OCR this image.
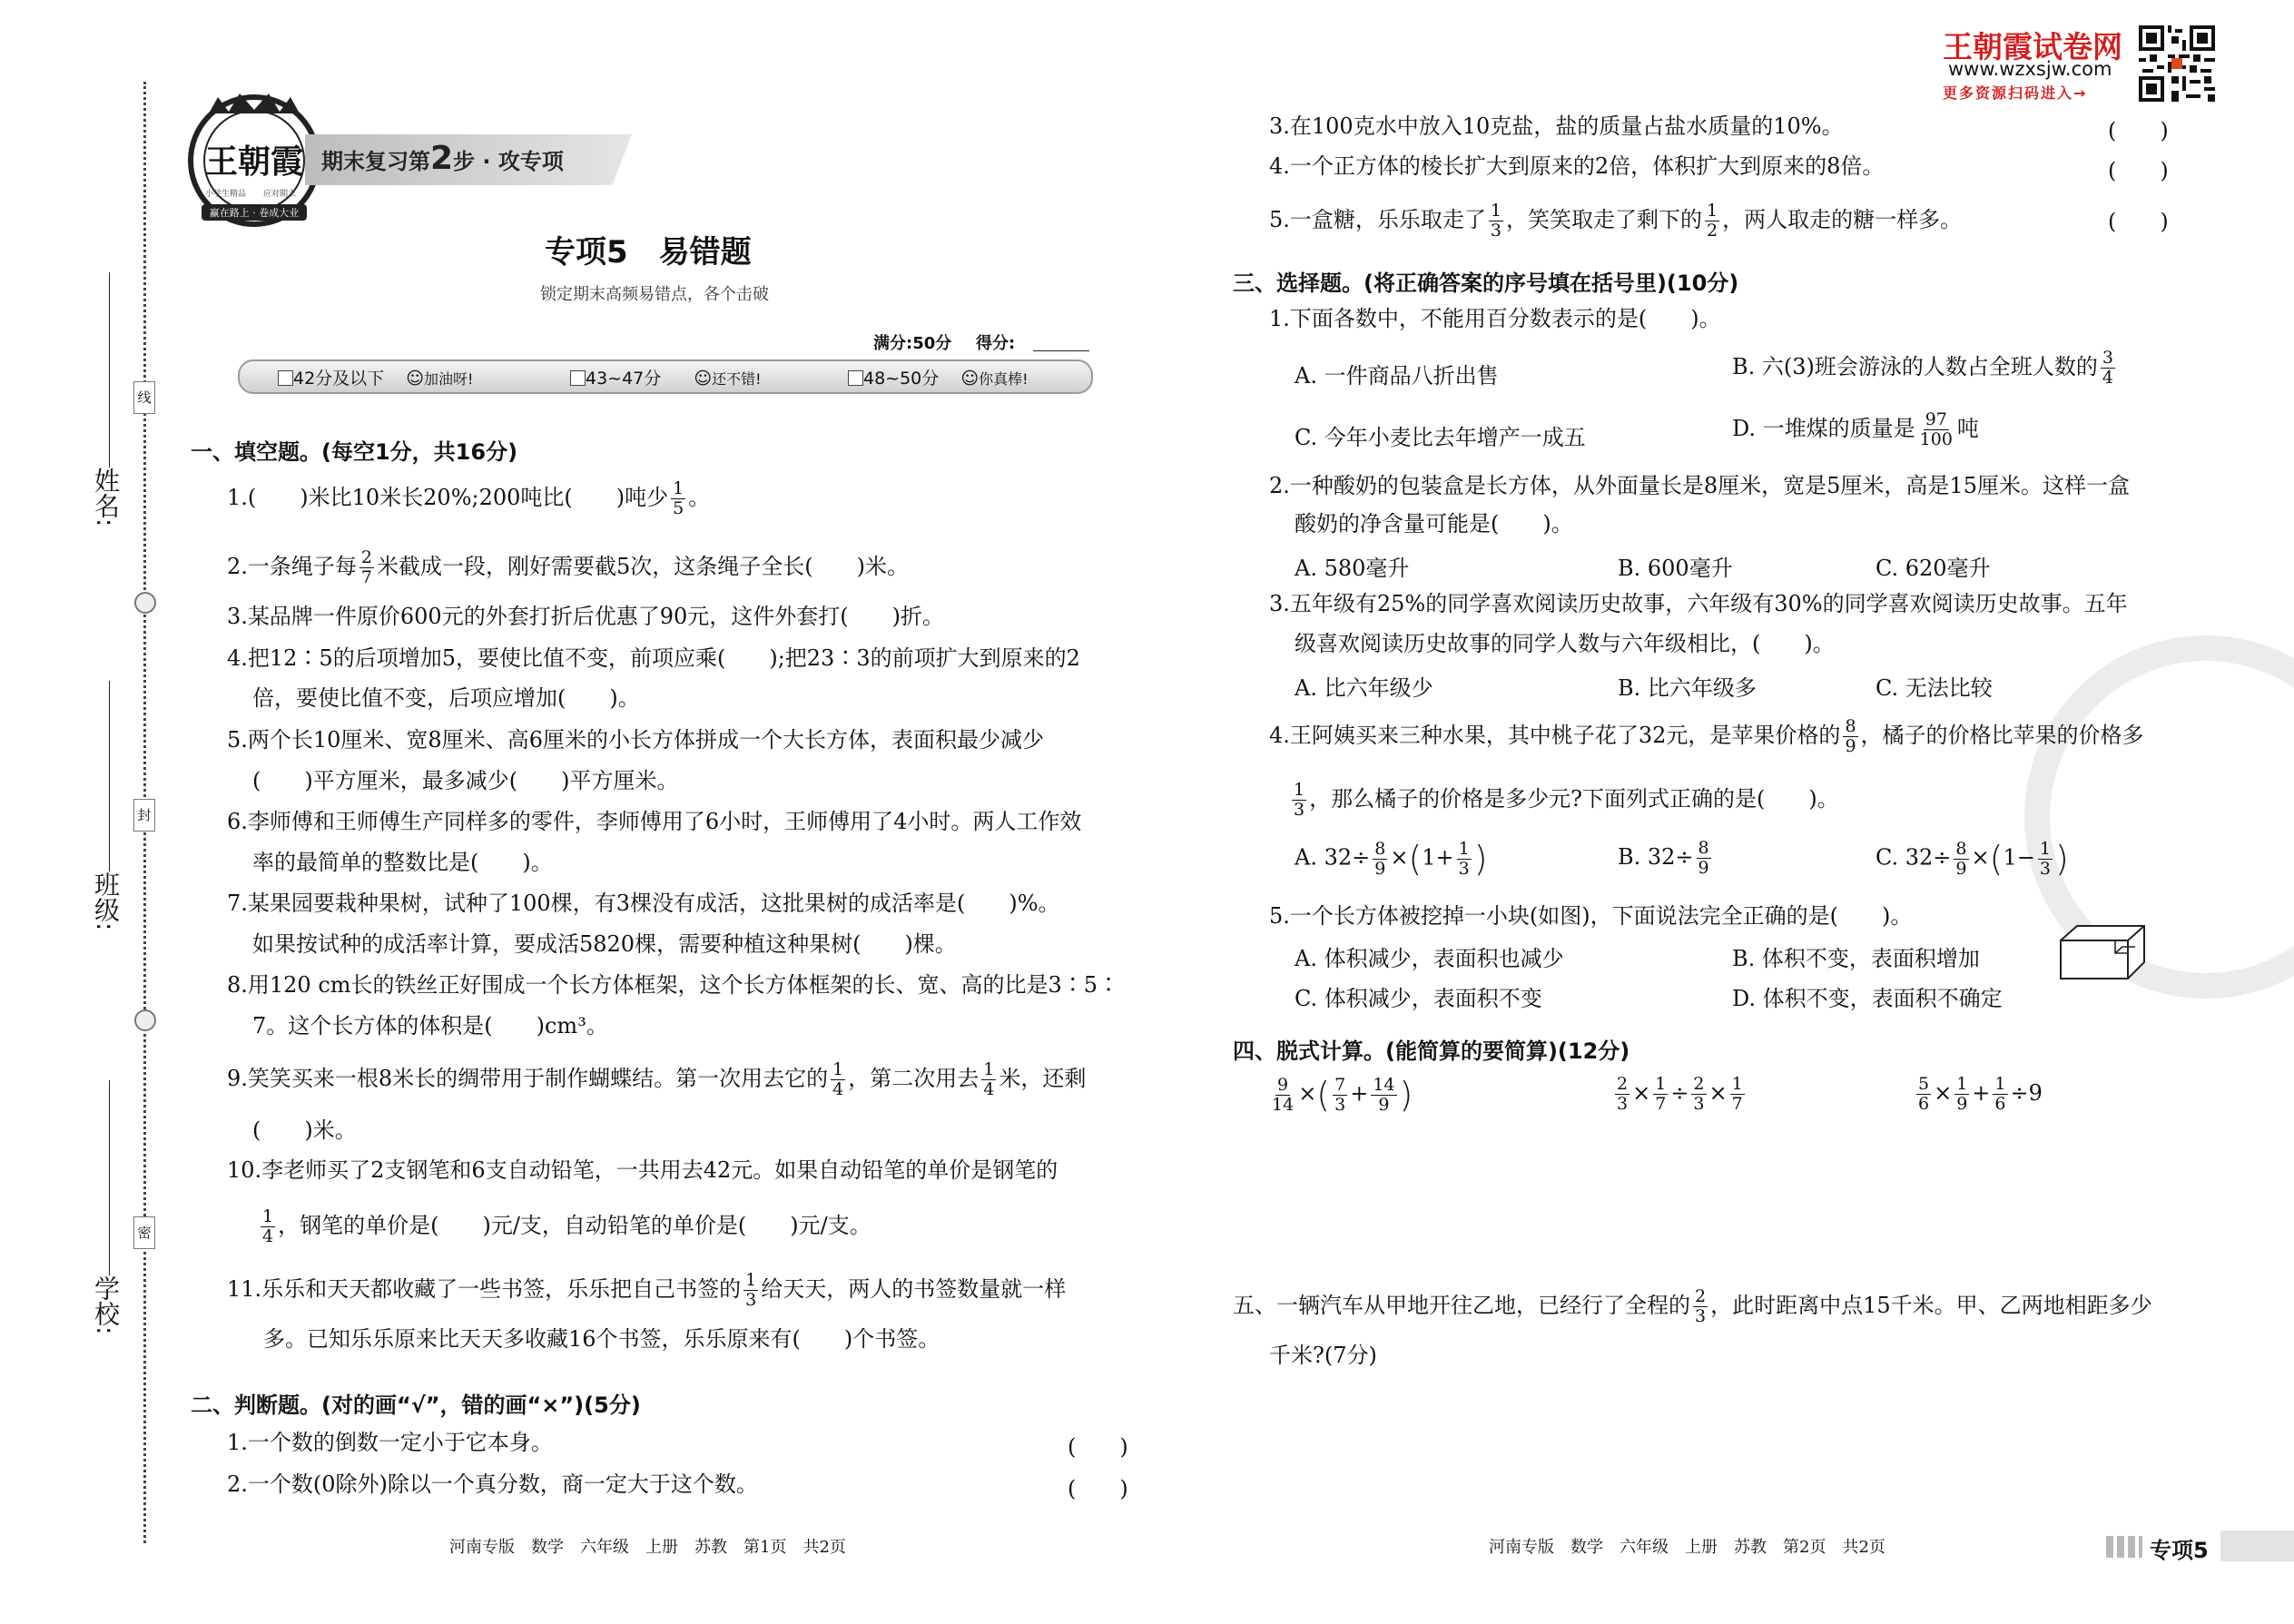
姓名:
班级:
学校:
线
封
密
王朝霞
赢在路上 · 卷成大业
小学生精品 应对期末
期末复习第2步 · 攻专项
专项5　易错题
锁定期末高频易错点，各个击破
满分:50分 得分:
42分及以下 ☺加油呀!	43~47分 ☺还不错!	48~50分 ☺你真棒!
一、填空题。(每空1分，共16分)
1.(　　)米比10米长20%;200吨比(　　)吨少 $\frac{1}{5}$ 。
2.一条绳子每 $\frac{2}{7}$ 米截成一段，刚好需要截5次，这条绳子全长(　　)米。
3.某品牌一件原价600元的外套打折后优惠了90元，这件外套打(　　)折。
4.把12∶5的后项增加5，要使比值不变，前项应乘(　　);把23∶3的前项扩大到原来的2
倍，要使比值不变，后项应增加(　　)。
5.两个长10厘米、宽8厘米、高6厘米的小长方体拼成一个大长方体，表面积最少减少
(　　)平方厘米，最多减少(　　)平方厘米。
6.李师傅和王师傅生产同样多的零件，李师傅用了6小时，王师傅用了4小时。两人工作效
率的最简单的整数比是(　　)。
7.某果园要栽种果树，试种了100棵，有3棵没有成活，这批果树的成活率是(　　)%。
如果按试种的成活率计算，要成活5820棵，需要种植这种果树(　　)棵。
8.用120 cm长的铁丝正好围成一个长方体框架，这个长方体框架的长、宽、高的比是3∶5∶
7。这个长方体的体积是(　　)cm³。
9.笑笑买来一根8米长的绸带用于制作蝴蝶结。第一次用去它的 $\frac{1}{4}$ ，第二次用去 $\frac{1}{4}$ 米，还剩
(　　)米。
10.李老师买了2支钢笔和6支自动铅笔，一共用去42元。如果自动铅笔的单价是钢笔的
$\frac{1}{4}$ ，钢笔的单价是(　　)元/支，自动铅笔的单价是(　　)元/支。
11.乐乐和天天都收藏了一些书签，乐乐把自己书签的 $\frac{1}{3}$ 给天天，两人的书签数量就一样
多。已知乐乐原来比天天多收藏16个书签，乐乐原来有(　　)个书签。
二、判断题。(对的画“√”，错的画“×”)(5分)
1.一个数的倒数一定小于它本身。	(　　)
2.一个数(0除外)除以一个真分数，商一定大于这个数。	(　　)
河南专版　数学　六年级　上册　苏教　第1页　共2页
王朝霞试卷网
www.wzxsjw.com
更多资源扫码进入→
3.在100克水中放入10克盐，盐的质量占盐水质量的10%。	(　　)
4.一个正方体的棱长扩大到原来的2倍，体积扩大到原来的8倍。	(　　)
5.一盒糖，乐乐取走了 $\frac{1}{3}$ ，笑笑取走了剩下的 $\frac{1}{2}$ ，两人取走的糖一样多。	(　　)
三、选择题。(将正确答案的序号填在括号里)(10分)
1.下面各数中，不能用百分数表示的是(　　)。
A. 一件商品八折出售	B. 六(3)班会游泳的人数占全班人数的 $\frac{3}{4}$
C. 今年小麦比去年增产一成五	D. 一堆煤的质量是 $\frac{97}{100}$ 吨
2.一种酸奶的包装盒是长方体，从外面量长是8厘米，宽是5厘米，高是15厘米。这样一盒
酸奶的净含量可能是(　　)。
A. 580毫升	B. 600毫升	C. 620毫升
3.五年级有25%的同学喜欢阅读历史故事，六年级有30%的同学喜欢阅读历史故事。五年
级喜欢阅读历史故事的同学人数与六年级相比，(　　)。
A. 比六年级少	B. 比六年级多	C. 无法比较
4.王阿姨买来三种水果，其中桃子花了32元，是苹果价格的 $\frac{8}{9}$ ，橘子的价格比苹果的价格多
$\frac{1}{3}$ ，那么橘子的价格是多少元?下面列式正确的是(　　)。
A. $32\div \frac{8}{9} \times(1+ \frac{1}{3}$ )	B. $32\div \frac{8}{9}$	C. $32\div \frac{8}{9} \times(1- \frac{1}{3}$ )
5.一个长方体被挖掉一小块(如图)，下面说法完全正确的是(　　)。
A. 体积减少，表面积也减少	B. 体积不变，表面积增加
C. 体积减少，表面积不变	D. 体积不变，表面积不确定
四、脱式计算。(能简算的要简算)(12分)
$\frac{9}{14}$ ×( $\frac{7}{3} + \frac{14}{9}$ )	$\frac{2}{3} \times \frac{1}{7} \div \frac{2}{3} \times \frac{1}{7}$	$\frac{5}{6} \times \frac{1}{9} + \frac{1}{6} \div 9$
五、一辆汽车从甲地开往乙地，已经行了全程的 $\frac{2}{3}$ ，此时距离中点15千米。甲、乙两地相距多少
千米?(7分)
河南专版　数学　六年级　上册　苏教　第2页　共2页	专项5
